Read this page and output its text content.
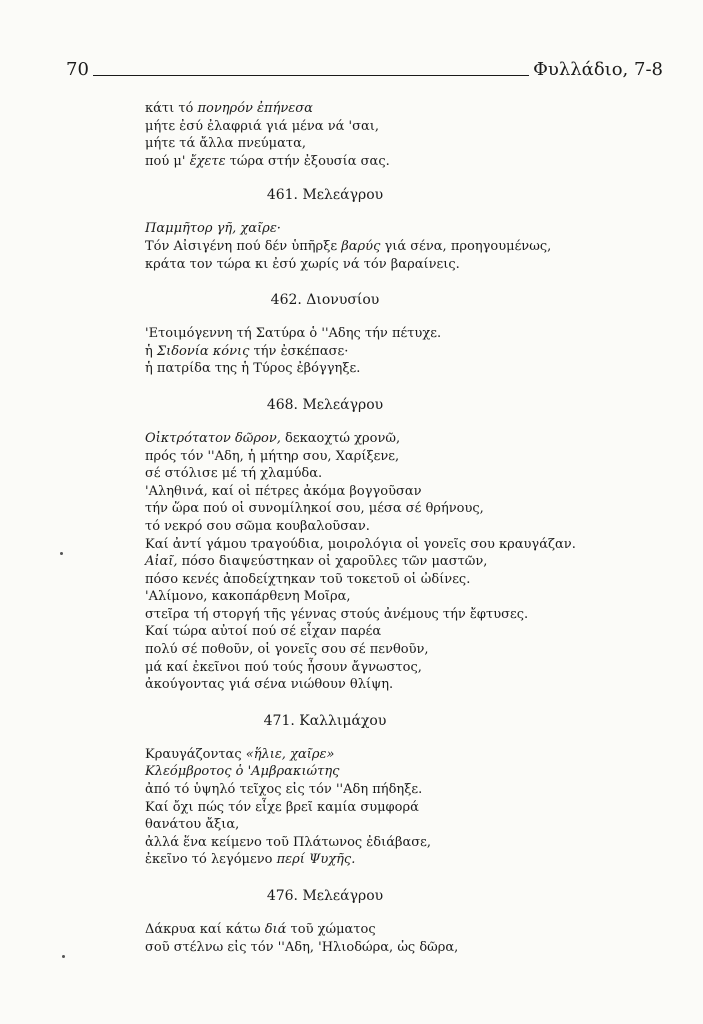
70	Φυλλάδιο, 7-8
κάτι τό πονηρόν ἐπήνεσα
μήτε ἐσύ ἐλαφριά γιά μένα νά 'σαι,
μήτε τά ἄλλα πνεύματα,
πού μ' ἔχετε τώρα στήν ἐξουσία σας.
461. Μελεάγρου
Παμμῆτορ γῆ, χαῖρε·
Τόν Αἰσιγένη πού δέν ὑπῆρξε βαρύς γιά σένα, προηγουμένως,
κράτα τον τώρα κι ἐσύ χωρίς νά τόν βαραίνεις.
462. Διονυσίου
'Ετοιμόγεννη τή Σατύρα ὁ ''Αδης τήν πέτυχε.
ἡ Σιδονία κόνις τήν ἐσκέπασε·
ἡ πατρίδα της ἡ Τύρος ἐβόγγηξε.
468. Μελεάγρου
Οἰκτρότατον δῶρον, δεκαοχτώ χρονῶ,
πρός τόν ''Αδη, ἡ μήτηρ σου, Χαρίξενε,
σέ στόλισε μέ τή χλαμύδα.
'Αληθινά, καί οἱ πέτρες ἀκόμα βογγοῦσαν
τήν ὥρα πού οἱ συνομίληκοί σου, μέσα σέ θρήνους,
τό νεκρό σου σῶμα κουβαλοῦσαν.
Καί ἀντί γάμου τραγούδια, μοιρολόγια οἱ γονεῖς σου κραυγάζαν.
Αἰαῖ, πόσο διαψεύστηκαν οἱ χαροῦλες τῶν μαστῶν,
πόσο κενές ἀποδείχτηκαν τοῦ τοκετοῦ οἱ ὠδίνες.
'Αλίμονο, κακοπάρθενη Μοῖρα,
στεῖρα τή στοργή τῆς γέννας στούς ἀνέμους τήν ἔφτυσες.
Καί τώρα αὐτοί πού σέ εἶχαν παρέα
πολύ σέ ποθοῦν, οἱ γονεῖς σου σέ πενθοῦν,
μά καί ἐκεῖνοι πού τούς ἦσουν ἄγνωστος,
ἀκούγοντας γιά σένα νιώθουν θλίψη.
471. Καλλιμάχου
Κραυγάζοντας «ἥλιε, χαῖρε»
Κλεόμβροτος ὁ 'Αμβρακιώτης
ἀπό τό ὑψηλό τεῖχος εἰς τόν ''Αδη πήδηξε.
Καί ὄχι πώς τόν εἶχε βρεῖ καμία συμφορά
θανάτου ἄξια,
ἀλλά ἕνα κείμενο τοῦ Πλάτωνος ἐδιάβασε,
ἐκεῖνο τό λεγόμενο περί Ψυχῆς.
476. Μελεάγρου
Δάκρυα καί κάτω διά τοῦ χώματος
σοῦ στέλνω εἰς τόν ''Αδη, 'Ηλιοδώρα, ὡς δῶρα,
